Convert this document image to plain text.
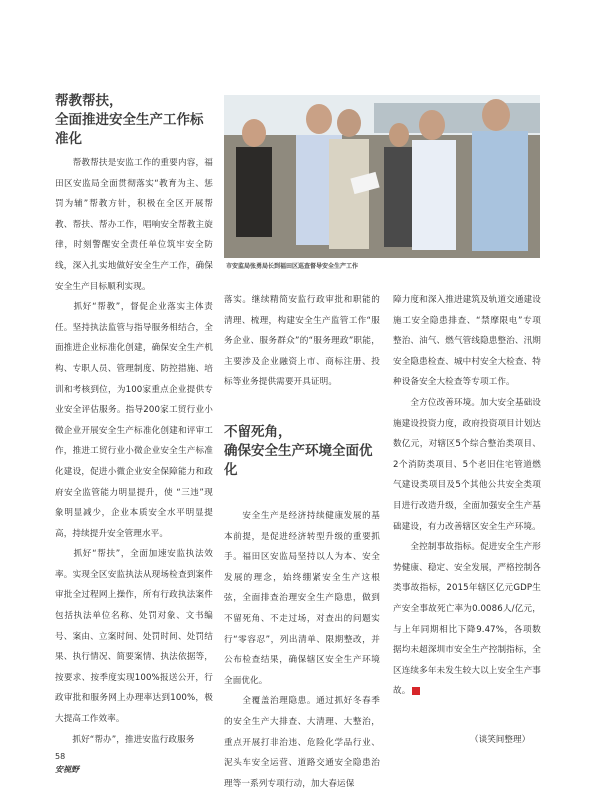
帮教帮扶，
全面推进安全生产工作标准化

　　帮教帮扶是安监工作的重要内容，福田区安监局全面贯彻落实“教育为主、惩罚为辅”帮教方针，积极在全区开展帮教、帮扶、帮办工作，唱响安全帮教主旋律，时刻警醒安全责任单位筑牢安全防线，深入扎实地做好安全生产工作，确保安全生产目标顺利实现。

　　抓好“帮教”，督促企业落实主体责任。坚持执法监管与指导服务相结合，全面推进企业标准化创建，确保安全生产机构、专职人员、管理制度、防控措施、培训和考核到位，为100家重点企业提供专业安全评估服务。指导200家工贸行业小微企业开展安全生产标准化创建和评审工作，推进工贸行业小微企业安全生产标准化建设，促进小微企业安全保障能力和政府安全监管能力明显提升，使 “三违”现象明显减少，企业本质安全水平明显提高，持续提升安全管理水平。

　　抓好“帮扶”，全面加速安监执法效率。实现全区安监执法从现场检查到案件审批全过程网上操作，所有行政执法案件包括执法单位名称、处罚对象、文书编号、案由、立案时间、处罚时间、处罚结果、执行情况、简要案情、执法依据等，按要求、按季度实现100%报送公开，行政审批和服务网上办理率达到100%，极大提高工作效率。

　　抓好“帮办”，推进安监行政服务

市安监局张勇局长到福田区巡查督导安全生产工作

落实。继续精简安监行政审批和职能的清理、梳理，构建安全生产监管工作“服务企业、服务群众”的“服务理政”职能，主要涉及企业融资上市、商标注册、投标等业务提供需要开具证明。

不留死角，
确保安全生产环境全面优化

　　安全生产是经济持续健康发展的基本前提，是促进经济转型升级的重要抓手。福田区安监局坚持以人为本、安全发展的理念，始终绷紧安全生产这根弦，全面排查治理安全生产隐患，做到不留死角、不走过场，对查出的问题实行“零容忍”，列出清单、限期整改，并公布检查结果，确保辖区安全生产环境全面优化。

　　全覆盖治理隐患。通过抓好冬春季的安全生产大排查、大清理、大整治，重点开展打非治违、危险化学品行业、泥头车安全运营、道路交通安全隐患治理等一系列专项行动，加大春运保

障力度和深入推进建筑及轨道交通建设施工安全隐患排查、“禁摩限电”专项整治、油气、燃气管线隐患整治、汛期安全隐患检查、城中村安全大检查、特种设备安全大检查等专项工作。

　　全方位改善环境。加大安全基础设施建设投资力度，政府投资项目计划达数亿元，对辖区5个综合整治类项目、2个消防类项目、5个老旧住宅管道燃气建设类项目及5个其他公共安全类项目进行改造升级，全面加强安全生产基础建设，有力改善辖区安全生产环境。

　　全控制事故指标。促进安全生产形势健康、稳定、安全发展，严格控制各类事故指标，2015年辖区亿元GDP生产安全事故死亡率为0.0086人/亿元，与上年同期相比下降9.47%，各项数据均未超深圳市安全生产控制指标，全区连续多年未发生较大以上安全生产事故。

（谈笑间整理）
58
安视野
